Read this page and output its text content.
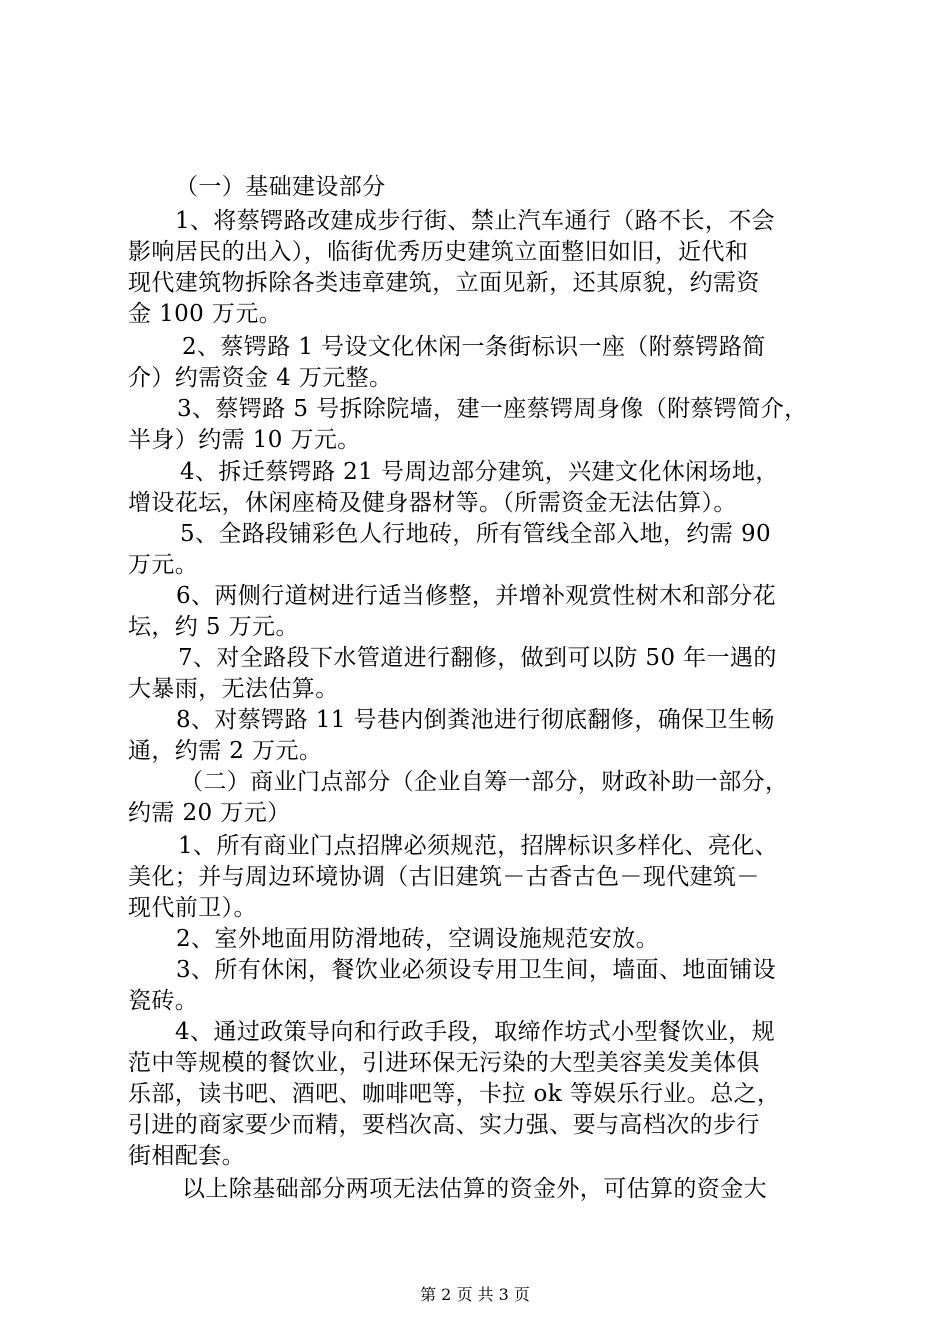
（一）基础建设部分
1、将蔡锷路改建成步行街、禁止汽车通行（路不长，不会
影响居民的出入），临街优秀历史建筑立面整旧如旧，近代和
现代建筑物拆除各类违章建筑，立面见新，还其原貌，约需资
金 100 万元。
2、蔡锷路 1 号设文化休闲一条街标识一座（附蔡锷路简
介）约需资金 4 万元整。
3、蔡锷路 5 号拆除院墙，建一座蔡锷周身像（附蔡锷简介，
半身）约需 10 万元。
4、拆迁蔡锷路 21 号周边部分建筑，兴建文化休闲场地，
增设花坛，休闲座椅及健身器材等。（所需资金无法估算）。
5、全路段铺彩色人行地砖，所有管线全部入地，约需 90
万元。
6、两侧行道树进行适当修整，并增补观赏性树木和部分花
坛，约 5 万元。
7、对全路段下水管道进行翻修，做到可以防 50 年一遇的
大暴雨，无法估算。
8、对蔡锷路 11 号巷内倒粪池进行彻底翻修，确保卫生畅
通，约需 2 万元。
（二）商业门点部分（企业自筹一部分，财政补助一部分，
约需 20 万元）
1、所有商业门点招牌必须规范，招牌标识多样化、亮化、
美化；并与周边环境协调（古旧建筑－古香古色－现代建筑－
现代前卫）。
2、室外地面用防滑地砖，空调设施规范安放。
3、所有休闲，餐饮业必须设专用卫生间，墙面、地面铺设
瓷砖。
4、通过政策导向和行政手段，取缔作坊式小型餐饮业，规
范中等规模的餐饮业，引进环保无污染的大型美容美发美体俱
乐部，读书吧、酒吧、咖啡吧等，卡拉 ok 等娱乐行业。总之，
引进的商家要少而精，要档次高、实力强、要与高档次的步行
街相配套。
以上除基础部分两项无法估算的资金外，可估算的资金大
第 2 页 共 3 页
